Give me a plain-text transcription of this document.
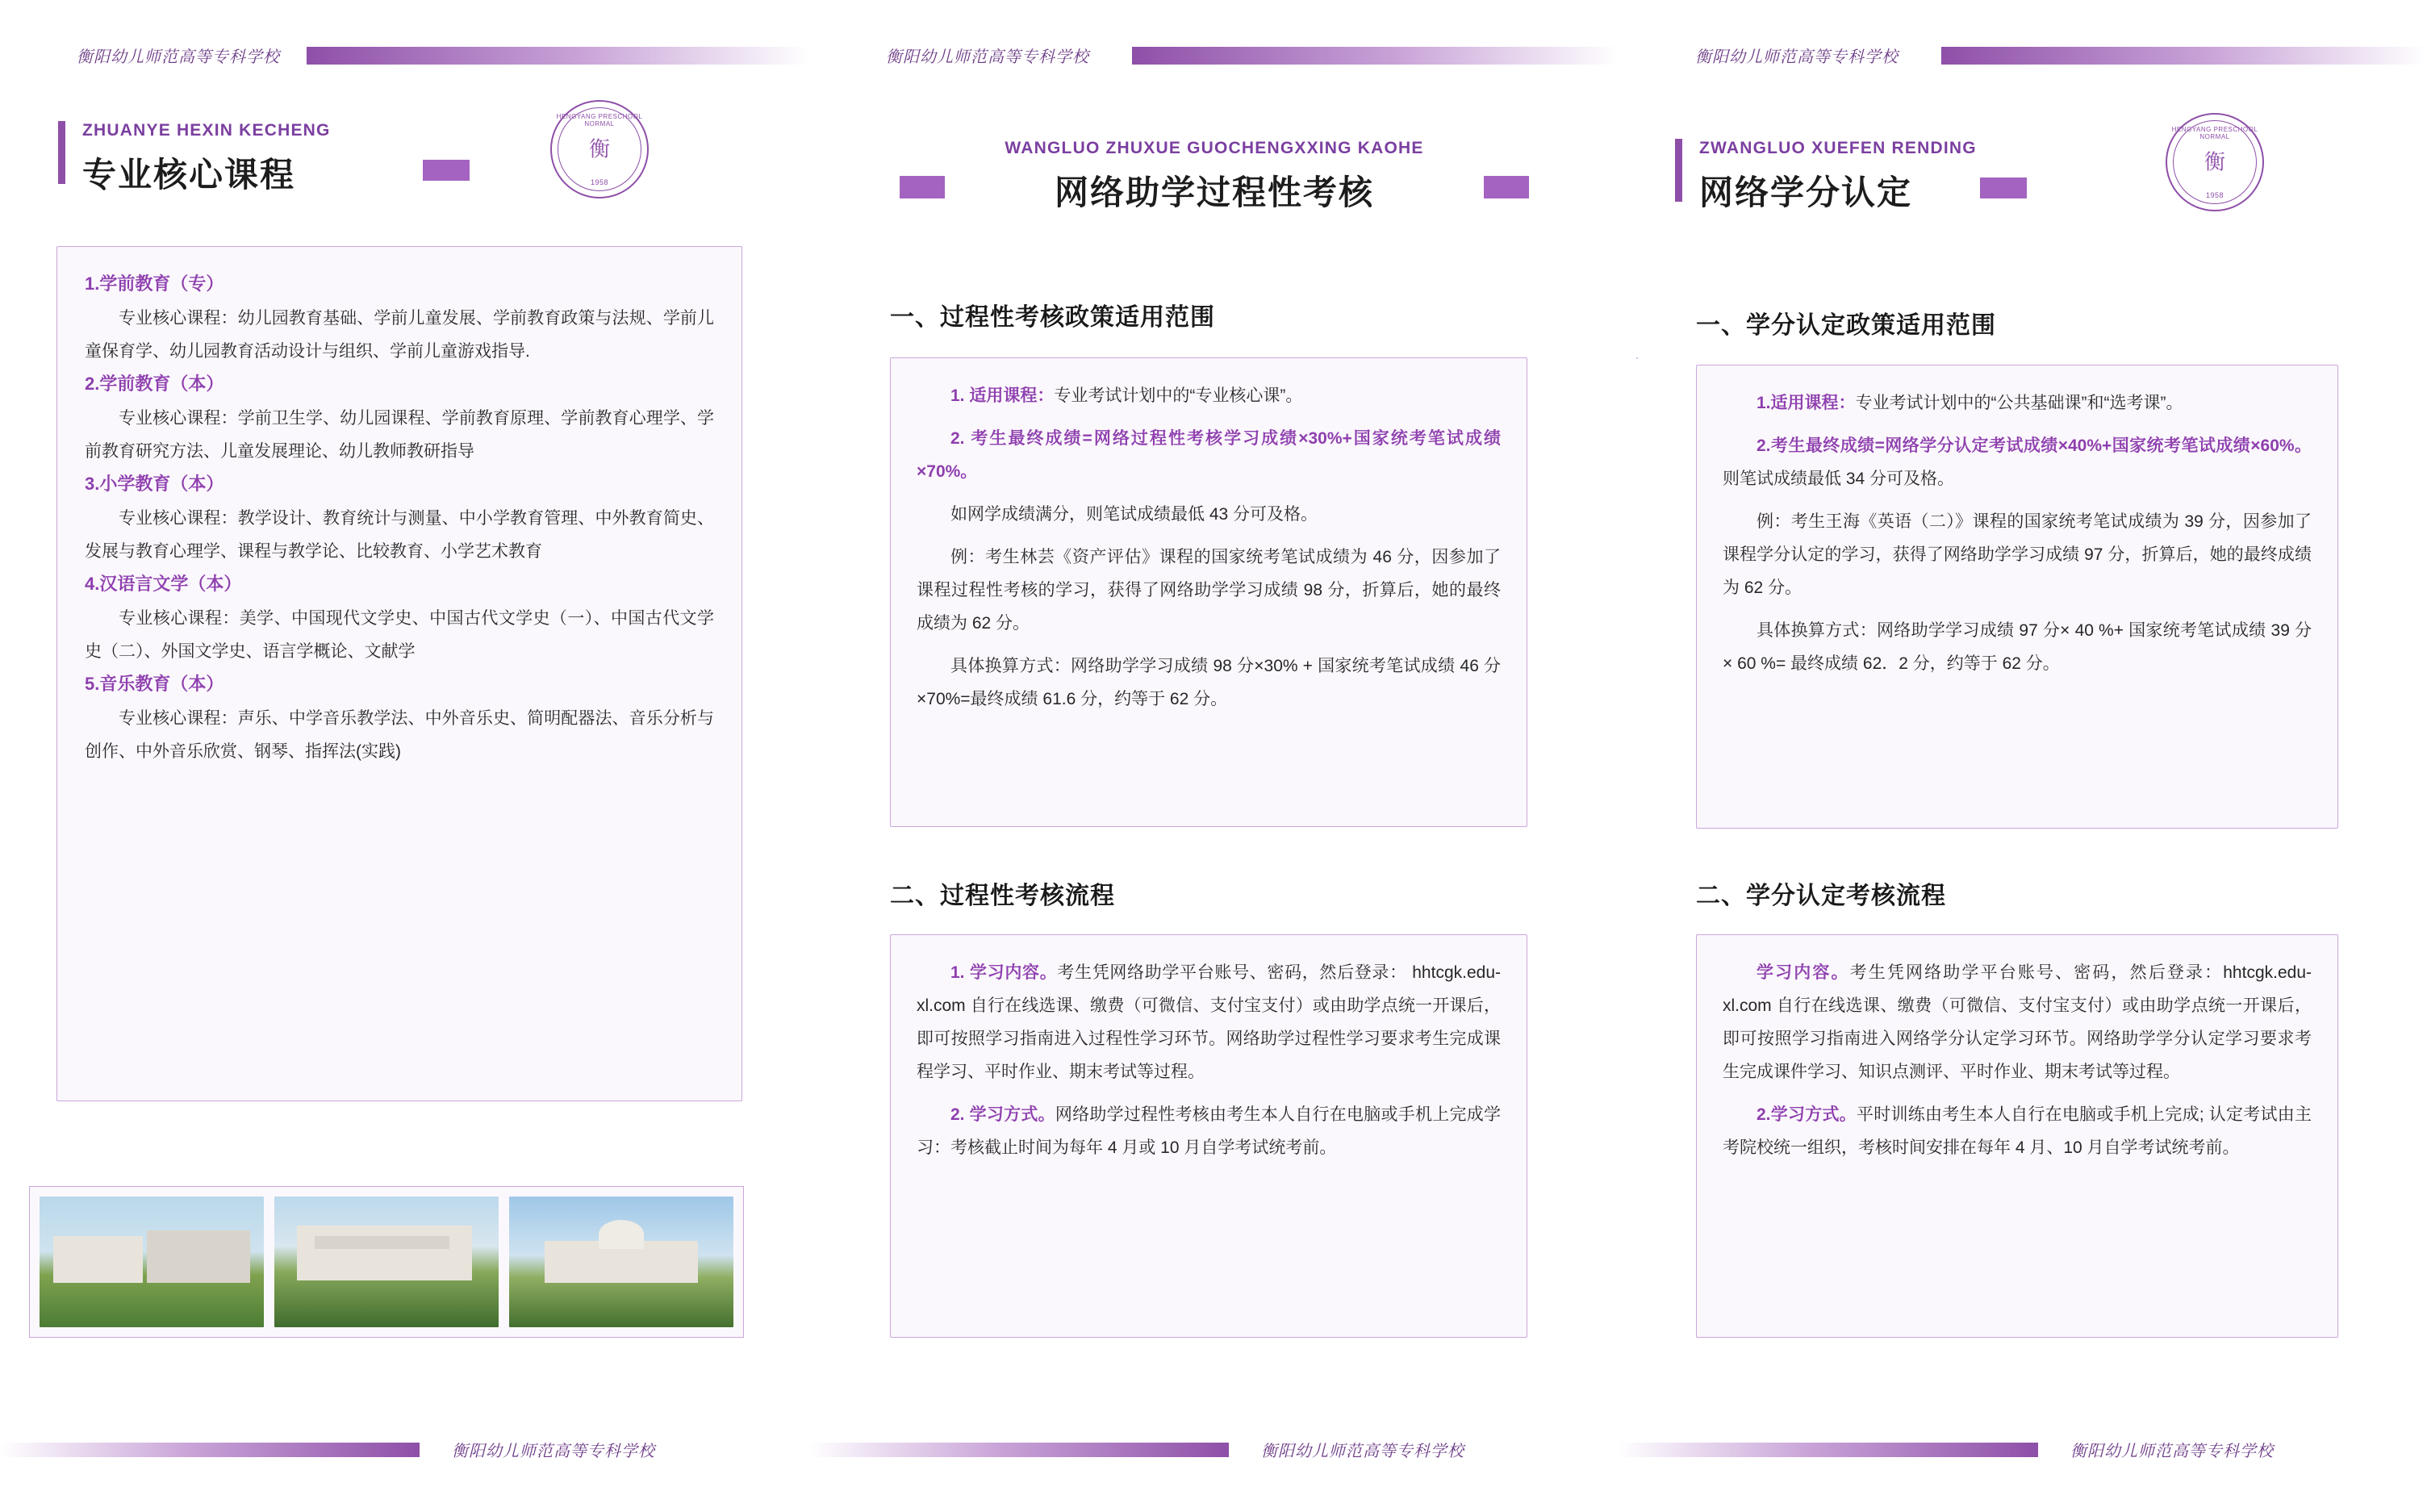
衡阳幼儿师范高等专科学校
ZHUANYE HEXIN KECHENG
专业核心课程
HENGYANG PRESCHOOL NORMAL
衡
1958

1.学前教育（专）

专业核心课程：幼儿园教育基础、学前儿童发展、学前教育政策与法规、学前儿童保育学、幼儿园教育活动设计与组织、学前儿童游戏指导.

2.学前教育（本）

专业核心课程：学前卫生学、幼儿园课程、学前教育原理、学前教育心理学、学前教育研究方法、儿童发展理论、幼儿教师教研指导

3.小学教育（本）

专业核心课程：教学设计、教育统计与测量、中小学教育管理、中外教育简史、发展与教育心理学、课程与教学论、比较教育、小学艺术教育

4.汉语言文学（本）

专业核心课程：美学、中国现代文学史、中国古代文学史（一）、中国古代文学史（二）、外国文学史、语言学概论、文献学

5.音乐教育（本）

专业核心课程：声乐、中学音乐教学法、中外音乐史、简明配器法、音乐分析与创作、中外音乐欣赏、钢琴、指挥法(实践)

衡阳幼儿师范高等专科学校
衡阳幼儿师范高等专科学校
WANGLUO ZHUXUE GUOCHENGXXING KAOHE
网络助学过程性考核
一、过程性考核政策适用范围

1. 适用课程：专业考试计划中的“专业核心课”。

2. 考生最终成绩=网络过程性考核学习成绩×30%+国家统考笔试成绩×70%。

如网学成绩满分，则笔试成绩最低 43 分可及格。

例：考生林芸《资产评估》课程的国家统考笔试成绩为 46 分，因参加了课程过程性考核的学习，获得了网络助学学习成绩 98 分，折算后，她的最终成绩为 62 分。

具体换算方式：网络助学学习成绩 98 分×30% + 国家统考笔试成绩 46 分×70%=最终成绩 61.6 分，约等于 62 分。

二、过程性考核流程

1. 学习内容。考生凭网络助学平台账号、密码，然后登录： hhtcgk.edu-xl.com 自行在线选课、缴费（可微信、支付宝支付）或由助学点统一开课后，即可按照学习指南进入过程性学习环节。网络助学过程性学习要求考生完成课程学习、平时作业、期末考试等过程。

2. 学习方式。网络助学过程性考核由考生本人自行在电脑或手机上完成学习：考核截止时间为每年 4 月或 10 月自学考试统考前。

衡阳幼儿师范高等专科学校
衡阳幼儿师范高等专科学校
ZWANGLUO XUEFEN RENDING
网络学分认定
HENGYANG PRESCHOOL NORMAL
衡
1958
一、学分认定政策适用范围

1.适用课程：专业考试计划中的“公共基础课”和“选考课”。

2.考生最终成绩=网络学分认定考试成绩×40%+国家统考笔试成绩×60%。则笔试成绩最低 34 分可及格。

例：考生王海《英语（二）》课程的国家统考笔试成绩为 39 分，因参加了课程学分认定的学习，获得了网络助学学习成绩 97 分，折算后，她的最终成绩为 62 分。

具体换算方式：网络助学学习成绩 97 分× 40 %+ 国家统考笔试成绩 39 分× 60 %= 最终成绩 62．2 分，约等于 62 分。

二、学分认定考核流程

学习内容。考生凭网络助学平台账号、密码，然后登录：hhtcgk.edu-xl.com 自行在线选课、缴费（可微信、支付宝支付）或由助学点统一开课后，即可按照学习指南进入网络学分认定学习环节。网络助学学分认定学习要求考生完成课件学习、知识点测评、平时作业、期末考试等过程。

2.学习方式。平时训练由考生本人自行在电脑或手机上完成; 认定考试由主考院校统一组织，考核时间安排在每年 4 月、10 月自学考试统考前。

衡阳幼儿师范高等专科学校
